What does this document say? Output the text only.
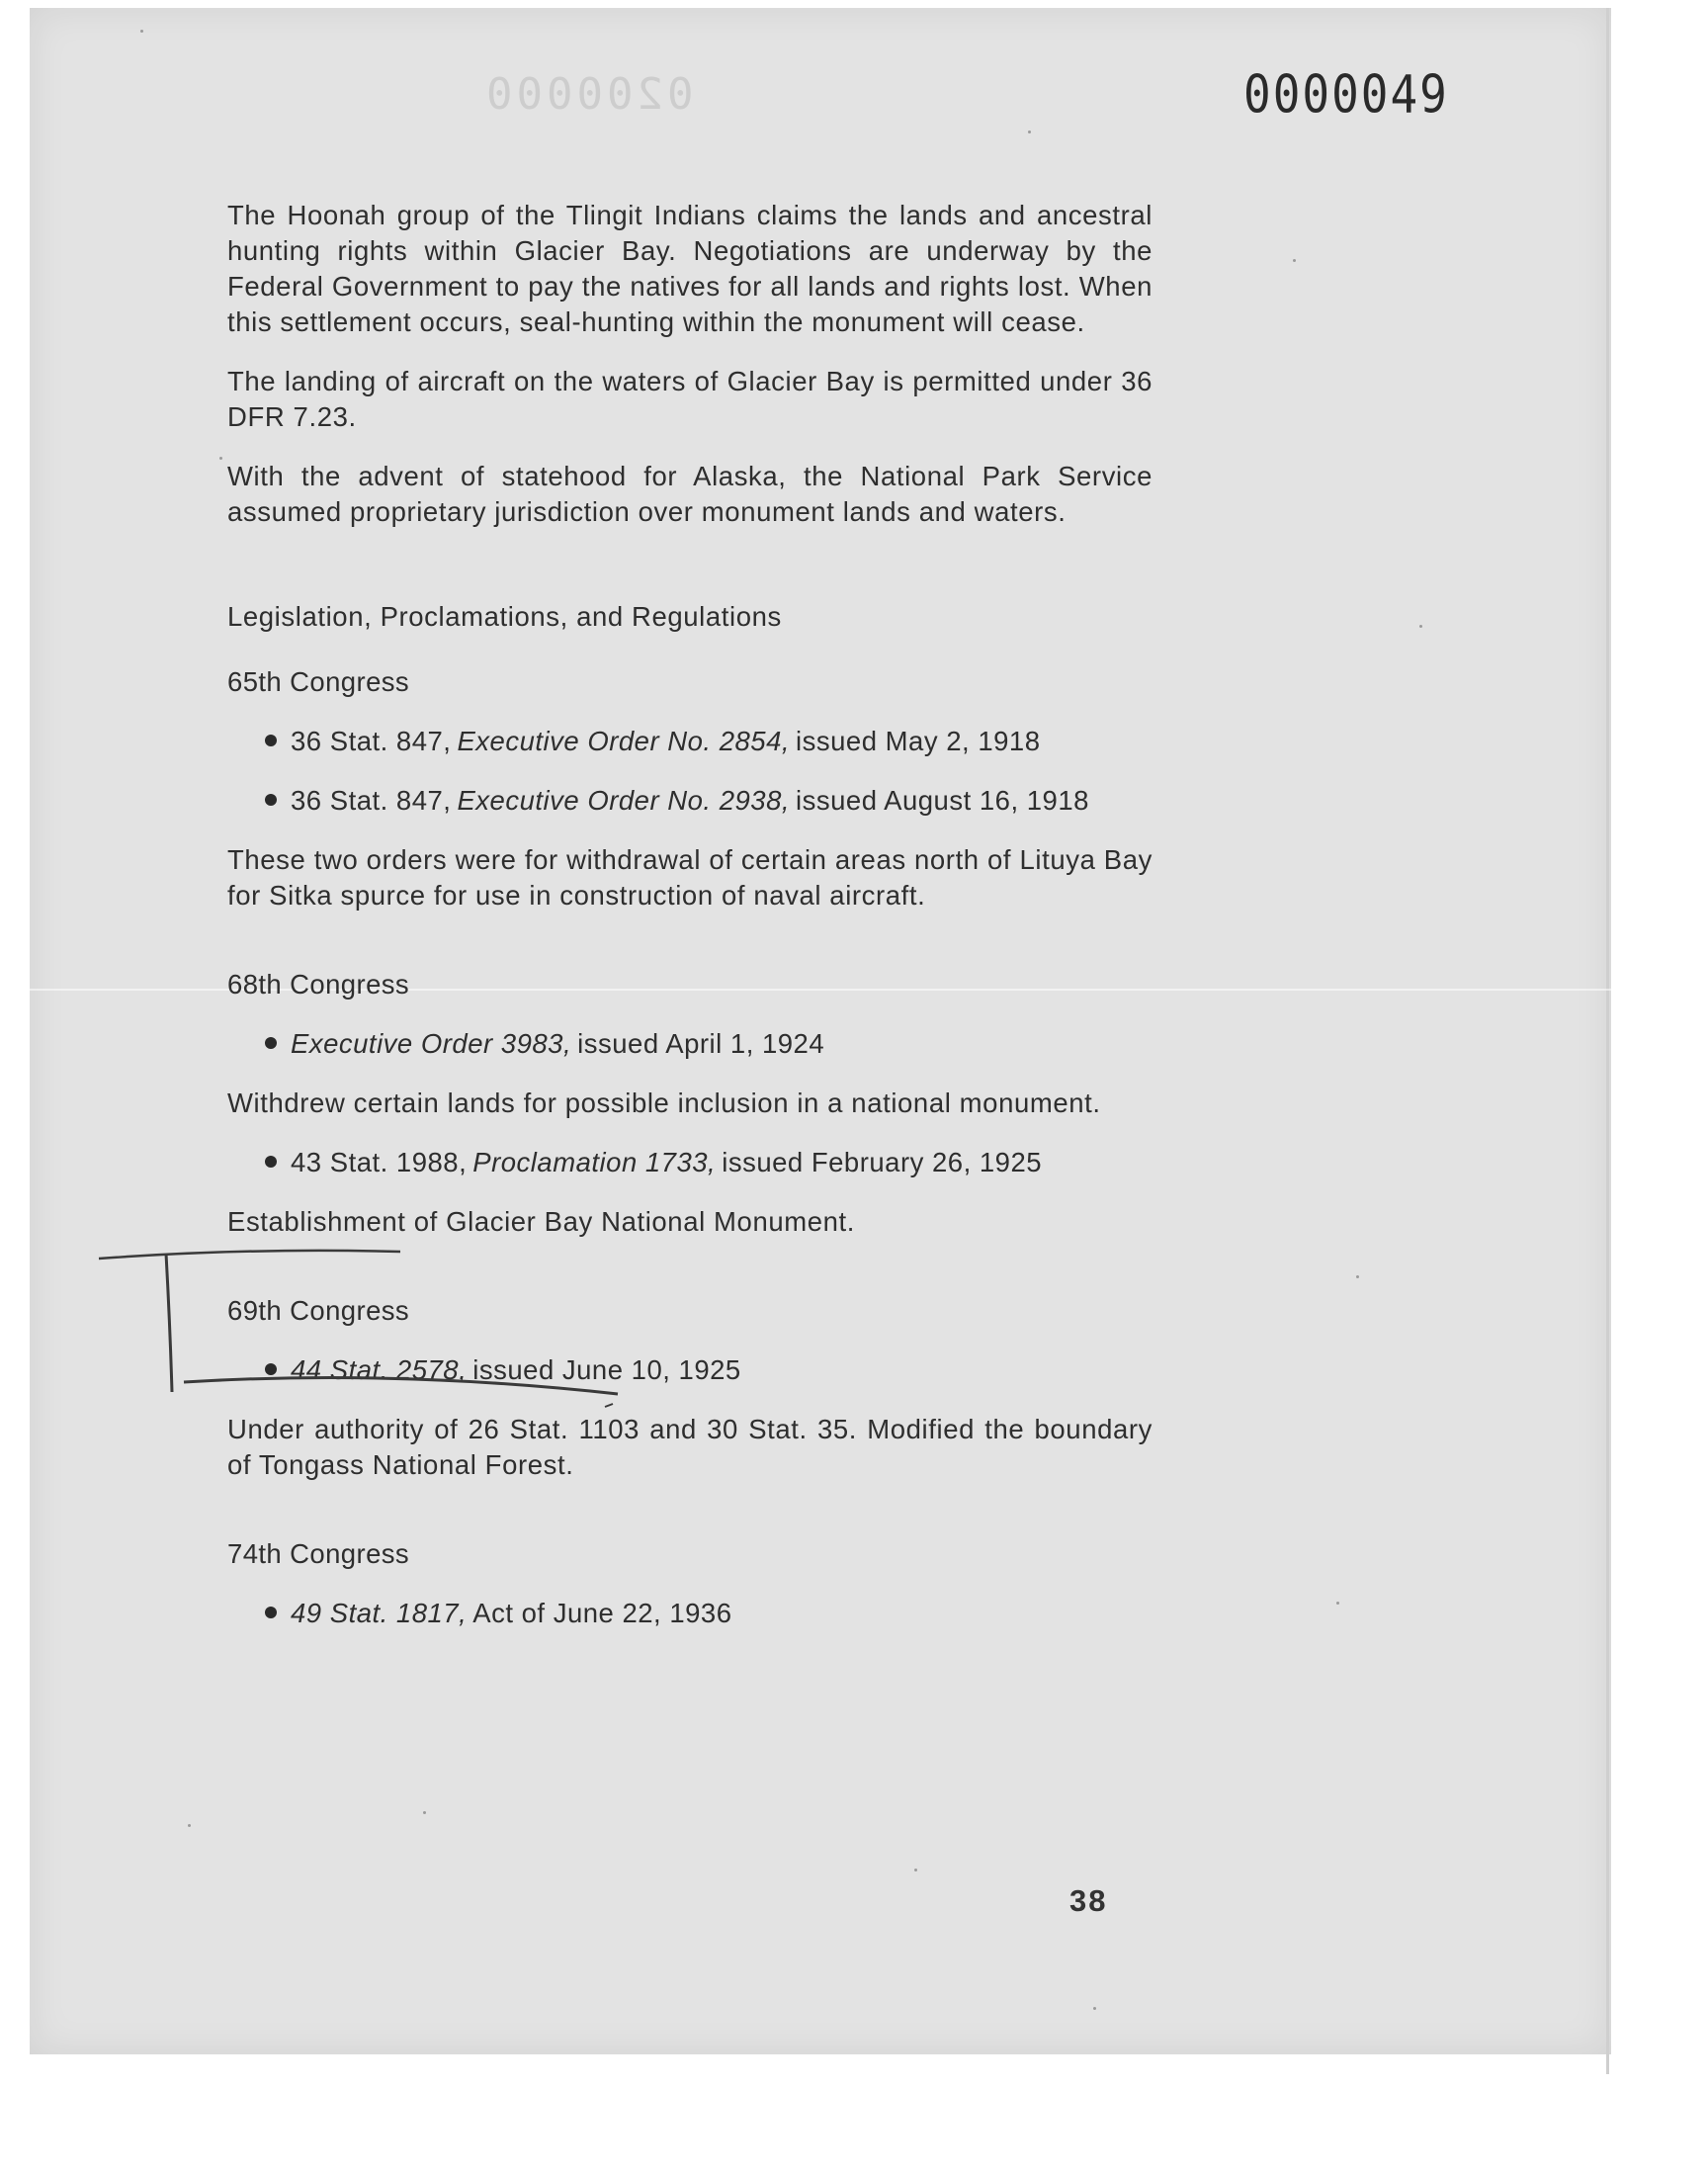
0200000	0000049

The Hoonah group of the Tlingit Indians claims the lands and ancestral hunting rights within Glacier Bay. Negotiations are underway by the Federal Government to pay the natives for all lands and rights lost. When this settlement occurs, seal-hunting within the monument will cease.

The landing of aircraft on the waters of Glacier Bay is permitted under 36 DFR 7.23.

With the advent of statehood for Alaska, the National Park Service assumed proprietary jurisdiction over monument lands and waters.

Legislation, Proclamations, and Regulations
65th Congress
36 Stat. 847, Executive Order No. 2854, issued May 2, 1918
36 Stat. 847, Executive Order No. 2938, issued August 16, 1918

These two orders were for withdrawal of certain areas north of Lituya Bay for Sitka spurce for use in construction of naval aircraft.

68th Congress
Executive Order 3983, issued April 1, 1924

Withdrew certain lands for possible inclusion in a national monument.

43 Stat. 1988, Proclamation 1733, issued February 26, 1925

Establishment of Glacier Bay National Monument.

69th Congress
44 Stat. 2578, issued June 10, 1925

Under authority of 26 Stat. 1103 and 30 Stat. 35. Modified the boundary of Tongass National Forest.

74th Congress
49 Stat. 1817, Act of June 22, 1936
38
